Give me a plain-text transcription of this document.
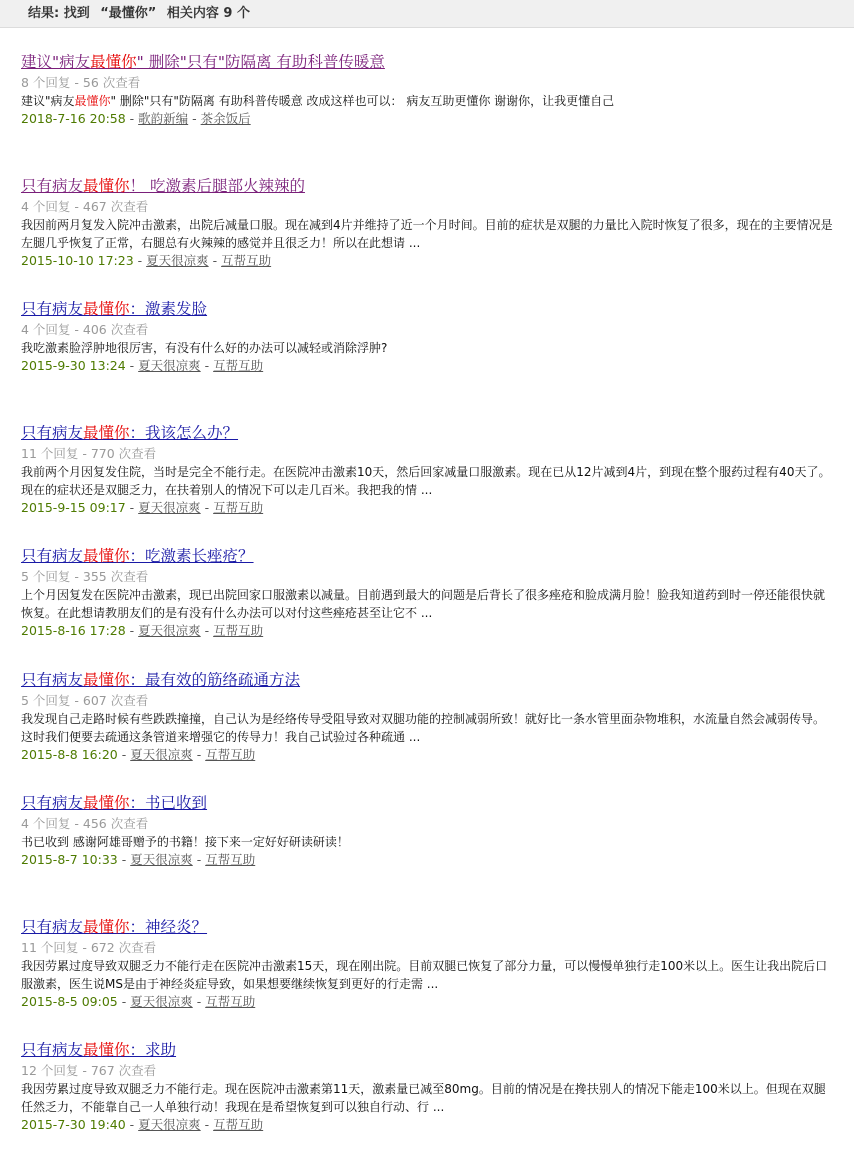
结果: 找到 “最懂你” 相关内容 9 个
建议"病友最懂你" 删除"只有"防隔离 有助科普传暖意
8 个回复 - 56 次查看
建议"病友最懂你" 删除"只有"防隔离 有助科普传暖意 改成这样也可以： 病友互助更懂你 谢谢你，让我更懂自己
2018-7-16 20:58 - 歌韵新编 - 茶余饭后
只有病友最懂你！ 吃激素后腿部火辣辣的
4 个回复 - 467 次查看
我因前两月复发入院冲击激素，出院后减量口服。现在减到4片并维持了近一个月时间。目前的症状是双腿的力量比入院时恢复了很多，现在的主要情况是左腿几乎恢复了正常，右腿总有火辣辣的感觉并且很乏力！所以在此想请 ...
2015-10-10 17:23 - 夏天很凉爽 - 互帮互助
只有病友最懂你：激素发脸
4 个回复 - 406 次查看
我吃激素脸浮肿地很厉害，有没有什么好的办法可以减轻或消除浮肿?
2015-9-30 13:24 - 夏天很凉爽 - 互帮互助
只有病友最懂你：我该怎么办？
11 个回复 - 770 次查看
我前两个月因复发住院，当时是完全不能行走。在医院冲击激素10天，然后回家减量口服激素。现在已从12片减到4片，到现在整个服药过程有40天了。现在的症状还是双腿乏力，在扶着别人的情况下可以走几百米。我把我的情 ...
2015-9-15 09:17 - 夏天很凉爽 - 互帮互助
只有病友最懂你：吃激素长痤疮？
5 个回复 - 355 次查看
上个月因复发在医院冲击激素，现已出院回家口服激素以减量。目前遇到最大的问题是后背长了很多痤疮和脸成满月脸！脸我知道药到时一停还能很快就恢复。在此想请教朋友们的是有没有什么办法可以对付这些痤疮甚至让它不 ...
2015-8-16 17:28 - 夏天很凉爽 - 互帮互助
只有病友最懂你：最有效的筋络疏通方法
5 个回复 - 607 次查看
我发现自己走路时候有些跌跌撞撞，自己认为是经络传导受阻导致对双腿功能的控制减弱所致！就好比一条水管里面杂物堆积，水流量自然会减弱传导。 这时我们便要去疏通这条管道来增强它的传导力！我自己试验过各种疏通 ...
2015-8-8 16:20 - 夏天很凉爽 - 互帮互助
只有病友最懂你：书已收到
4 个回复 - 456 次查看
书已收到 感谢阿雄哥赠予的书籍！接下来一定好好研读研读！
2015-8-7 10:33 - 夏天很凉爽 - 互帮互助
只有病友最懂你：神经炎？
11 个回复 - 672 次查看
我因劳累过度导致双腿乏力不能行走在医院冲击激素15天，现在刚出院。目前双腿已恢复了部分力量，可以慢慢单独行走100米以上。医生让我出院后口服激素，医生说MS是由于神经炎症导致，如果想要继续恢复到更好的行走需 ...
2015-8-5 09:05 - 夏天很凉爽 - 互帮互助
只有病友最懂你：求助
12 个回复 - 767 次查看
我因劳累过度导致双腿乏力不能行走。现在医院冲击激素第11天，激素量已减至80mg。目前的情况是在搀扶别人的情况下能走100米以上。但现在双腿任然乏力，不能靠自己一人单独行动！我现在是希望恢复到可以独自行动、行 ...
2015-7-30 19:40 - 夏天很凉爽 - 互帮互助
